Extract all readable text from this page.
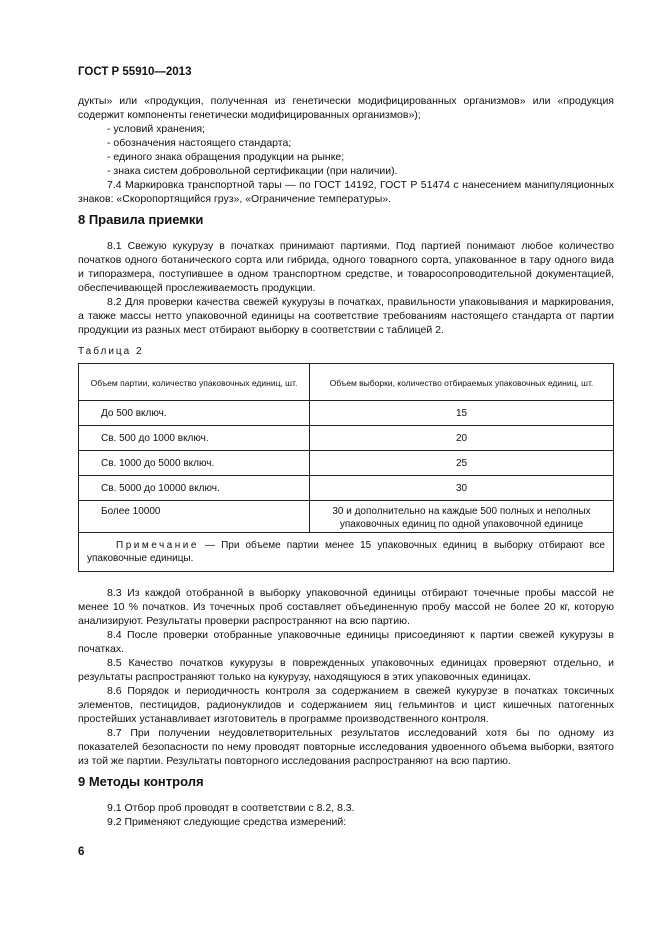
ГОСТ Р 55910—2013
дукты» или «продукция, полученная из генетически модифицированных организмов» или «продукция содержит компоненты генетически модифицированных организмов»);
- условий хранения;
- обозначения настоящего стандарта;
- единого знака обращения продукции на рынке;
- знака систем добровольной сертификации (при наличии).
7.4 Маркировка транспортной тары — по ГОСТ 14192, ГОСТ Р 51474 с нанесением манипуляционных знаков: «Скоропортящийся груз», «Ограничение температуры».
8 Правила приемки
8.1 Свежую кукурузу в початках принимают партиями. Под партией понимают любое количество початков одного ботанического сорта или гибрида, одного товарного сорта, упакованное в тару одного вида и типоразмера, поступившее в одном транспортном средстве, и товаросопроводительной документацией, обеспечивающей прослеживаемость продукции.
8.2 Для проверки качества свежей кукурузы в початках, правильности упаковывания и маркирования, а также массы нетто упаковочной единицы на соответствие требованиям настоящего стандарта от партии продукции из разных мест отбирают выборку в соответствии с таблицей 2.
Таблица 2
Объем партии, количество упаковочных единиц, шт.	Объем выборки, количество отбираемых упаковочных единиц, шт.
До 500 включ.	15
Св. 500 до 1000 включ.	20
Св. 1000 до 5000 включ.	25
Св. 5000 до 10000 включ.	30
Более 10000	30 и дополнительно на каждые 500 полных и неполных упаковочных единиц по одной упаковочной единице
Примечание — При объеме партии менее 15 упаковочных единиц в выборку отбирают все упаковочные единицы.	
8.3 Из каждой отобранной в выборку упаковочной единицы отбирают точечные пробы массой не менее 10 % початков. Из точечных проб составляет объединенную пробу массой не более 20 кг, которую анализируют. Результаты проверки распространяют на всю партию.
8.4 После проверки отобранные упаковочные единицы присоединяют к партии свежей кукурузы в початках.
8.5 Качество початков кукурузы в поврежденных упаковочных единицах проверяют отдельно, и результаты распространяют только на кукурузу, находящуюся в этих упаковочных единицах.
8.6 Порядок и периодичность контроля за содержанием в свежей кукурузе в початках токсичных элементов, пестицидов, радионуклидов и содержанием яиц гельминтов и цист кишечных патогенных простейших устанавливает изготовитель в программе производственного контроля.
8.7 При получении неудовлетворительных результатов исследований хотя бы по одному из показателей безопасности по нему проводят повторные исследования удвоенного объема выборки, взятого из той же партии. Результаты повторного исследования распространяют на всю партию.
9 Методы контроля
9.1 Отбор проб проводят в соответствии с 8.2, 8.3.
9.2 Применяют следующие средства измерений:
6
